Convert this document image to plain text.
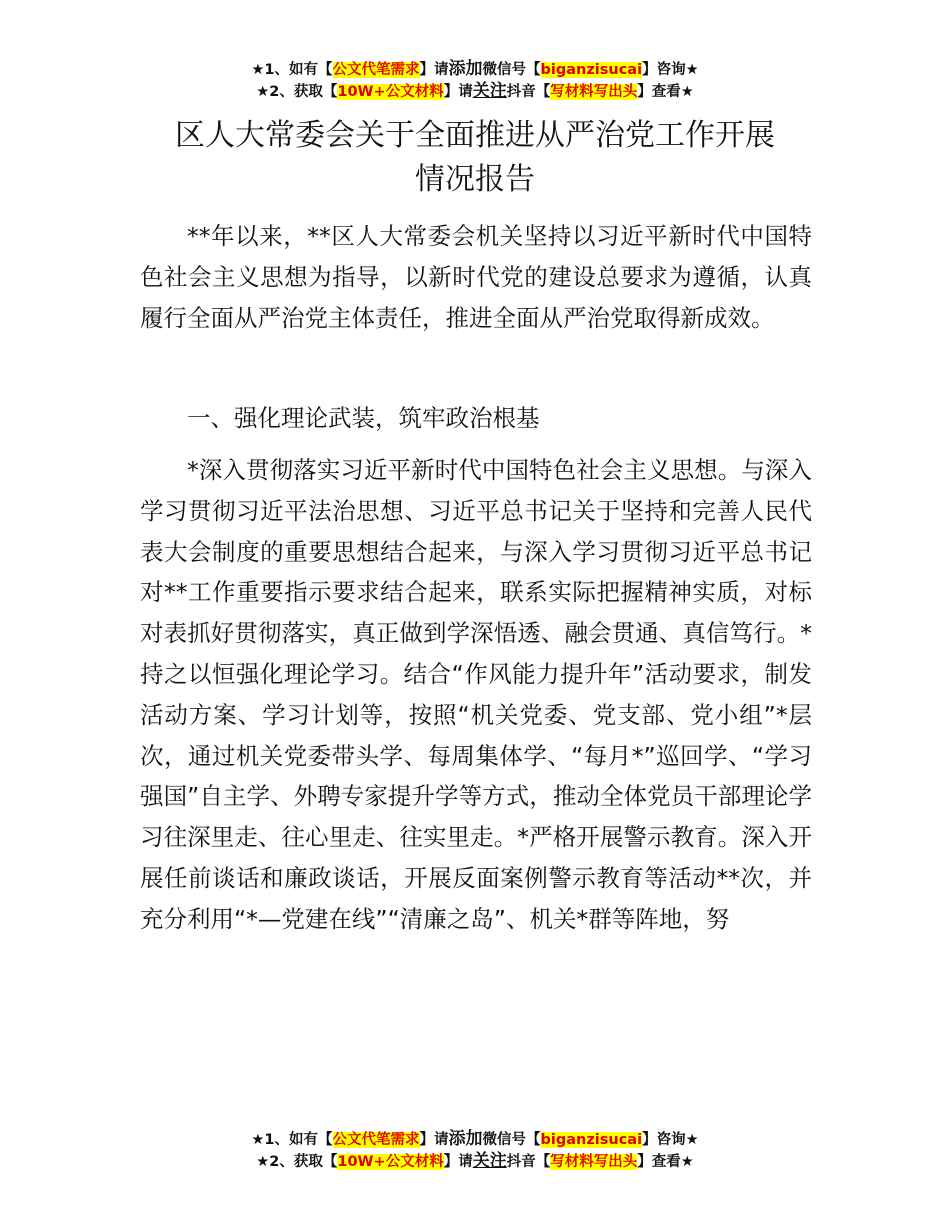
★1、如有【公文代笔需求】请添加微信号【biganzisucai】咨询★
★2、获取【10W+公文材料】请关注抖音【写材料写出头】查看★
区人大常委会关于全面推进从严治党工作开展
情况报告

**年以来，**区人大常委会机关坚持以习近平新时代中国特色社会主义思想为指导，以新时代党的建设总要求为遵循，认真履行全面从严治党主体责任，推进全面从严治党取得新成效。

一、强化理论武装，筑牢政治根基

*深入贯彻落实习近平新时代中国特色社会主义思想。与深入学习贯彻习近平法治思想、习近平总书记关于坚持和完善人民代表大会制度的重要思想结合起来，与深入学习贯彻习近平总书记对**工作重要指示要求结合起来，联系实际把握精神实质，对标对表抓好贯彻落实，真正做到学深悟透、融会贯通、真信笃行。*持之以恒强化理论学习。结合“作风能力提升年”活动要求，制发活动方案、学习计划等，按照“机关党委、党支部、党小组”*层次，通过机关党委带头学、每周集体学、“每月*”巡回学、“学习强国”自主学、外聘专家提升学等方式，推动全体党员干部理论学习往深里走、往心里走、往实里走。*严格开展警示教育。深入开展任前谈话和廉政谈话，开展反面案例警示教育等活动**次，并充分利用“*—党建在线”“清廉之岛”、机关*群等阵地，努

★1、如有【公文代笔需求】请添加微信号【biganzisucai】咨询★
★2、获取【10W+公文材料】请关注抖音【写材料写出头】查看★
